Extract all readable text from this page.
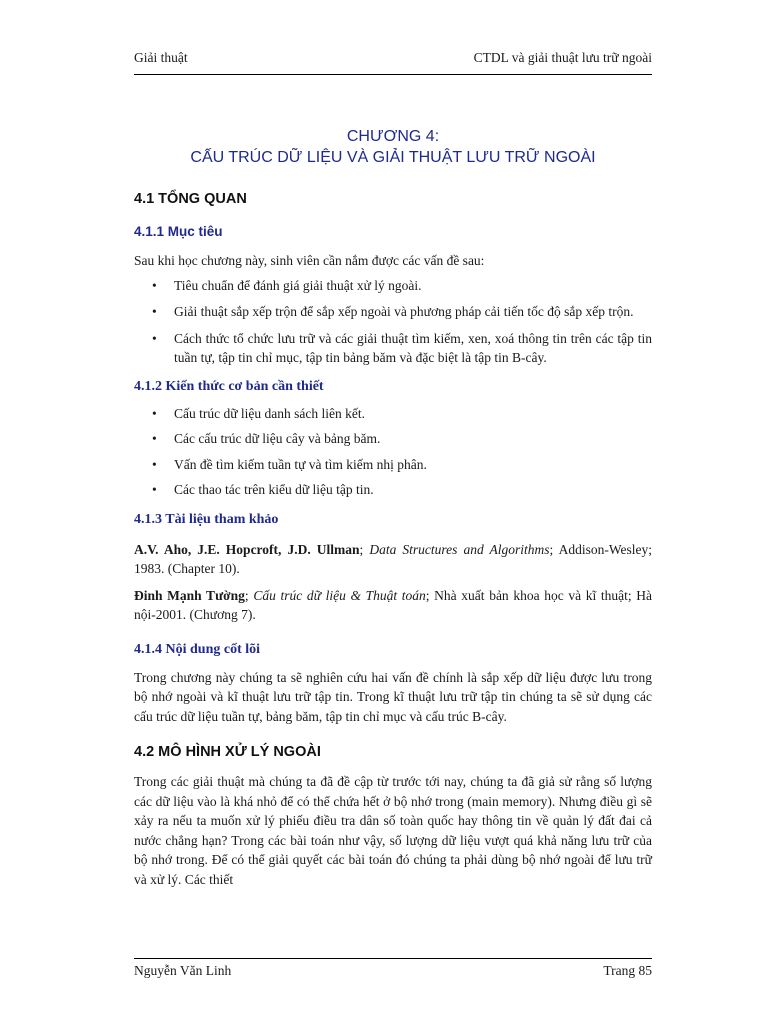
Giải thuật	CTDL và giải thuật lưu trữ ngoài
CHƯƠNG 4:
CẤU TRÚC DỮ LIỆU VÀ GIẢI THUẬT LƯU TRỮ NGOÀI
4.1 TỔNG QUAN
4.1.1 Mục tiêu

Sau khi học chương này, sinh viên cần nắm được các vấn đề sau:

• Tiêu chuẩn để đánh giá giải thuật xử lý ngoài.
• Giải thuật sắp xếp trộn để sắp xếp ngoài và phương pháp cải tiến tốc độ sắp xếp trộn.
• Cách thức tổ chức lưu trữ và các giải thuật tìm kiếm, xen, xoá thông tin trên các tập tin tuần tự, tập tin chỉ mục, tập tin bảng băm và đặc biệt là tập tin B-cây.
4.1.2 Kiến thức cơ bản cần thiết
• Cấu trúc dữ liệu danh sách liên kết.
• Các cấu trúc dữ liệu cây và bảng băm.
• Vấn đề tìm kiếm tuần tự và tìm kiếm nhị phân.
• Các thao tác trên kiểu dữ liệu tập tin.
4.1.3 Tài liệu tham khảo

A.V. Aho, J.E. Hopcroft, J.D. Ullman; Data Structures and Algorithms; Addison-Wesley; 1983. (Chapter 10).

Đinh Mạnh Tường; Cấu trúc dữ liệu & Thuật toán; Nhà xuất bản khoa học và kĩ thuật; Hà nội-2001. (Chương 7).

4.1.4 Nội dung cốt lõi

Trong chương này chúng ta sẽ nghiên cứu hai vấn đề chính là sắp xếp dữ liệu được lưu trong bộ nhớ ngoài và kĩ thuật lưu trữ tập tin. Trong kĩ thuật lưu trữ tập tin chúng ta sẽ sử dụng các cấu trúc dữ liệu tuần tự, bảng băm, tập tin chỉ mục và cấu trúc B-cây.

4.2 MÔ HÌNH XỬ LÝ NGOÀI

Trong các giải thuật mà chúng ta đã đề cập từ trước tới nay, chúng ta đã giả sử rằng số lượng các dữ liệu vào là khá nhỏ để có thể chứa hết ở bộ nhớ trong (main memory). Nhưng điều gì sẽ xảy ra nếu ta muốn xử lý phiếu điều tra dân số toàn quốc hay thông tin về quản lý đất đai cả nước chẳng hạn? Trong các bài toán như vậy, số lượng dữ liệu vượt quá khả năng lưu trữ của bộ nhớ trong. Để có thể giải quyết các bài toán đó chúng ta phải dùng bộ nhớ ngoài để lưu trữ và xử lý. Các thiết

Nguyễn Văn Linh	Trang 85
